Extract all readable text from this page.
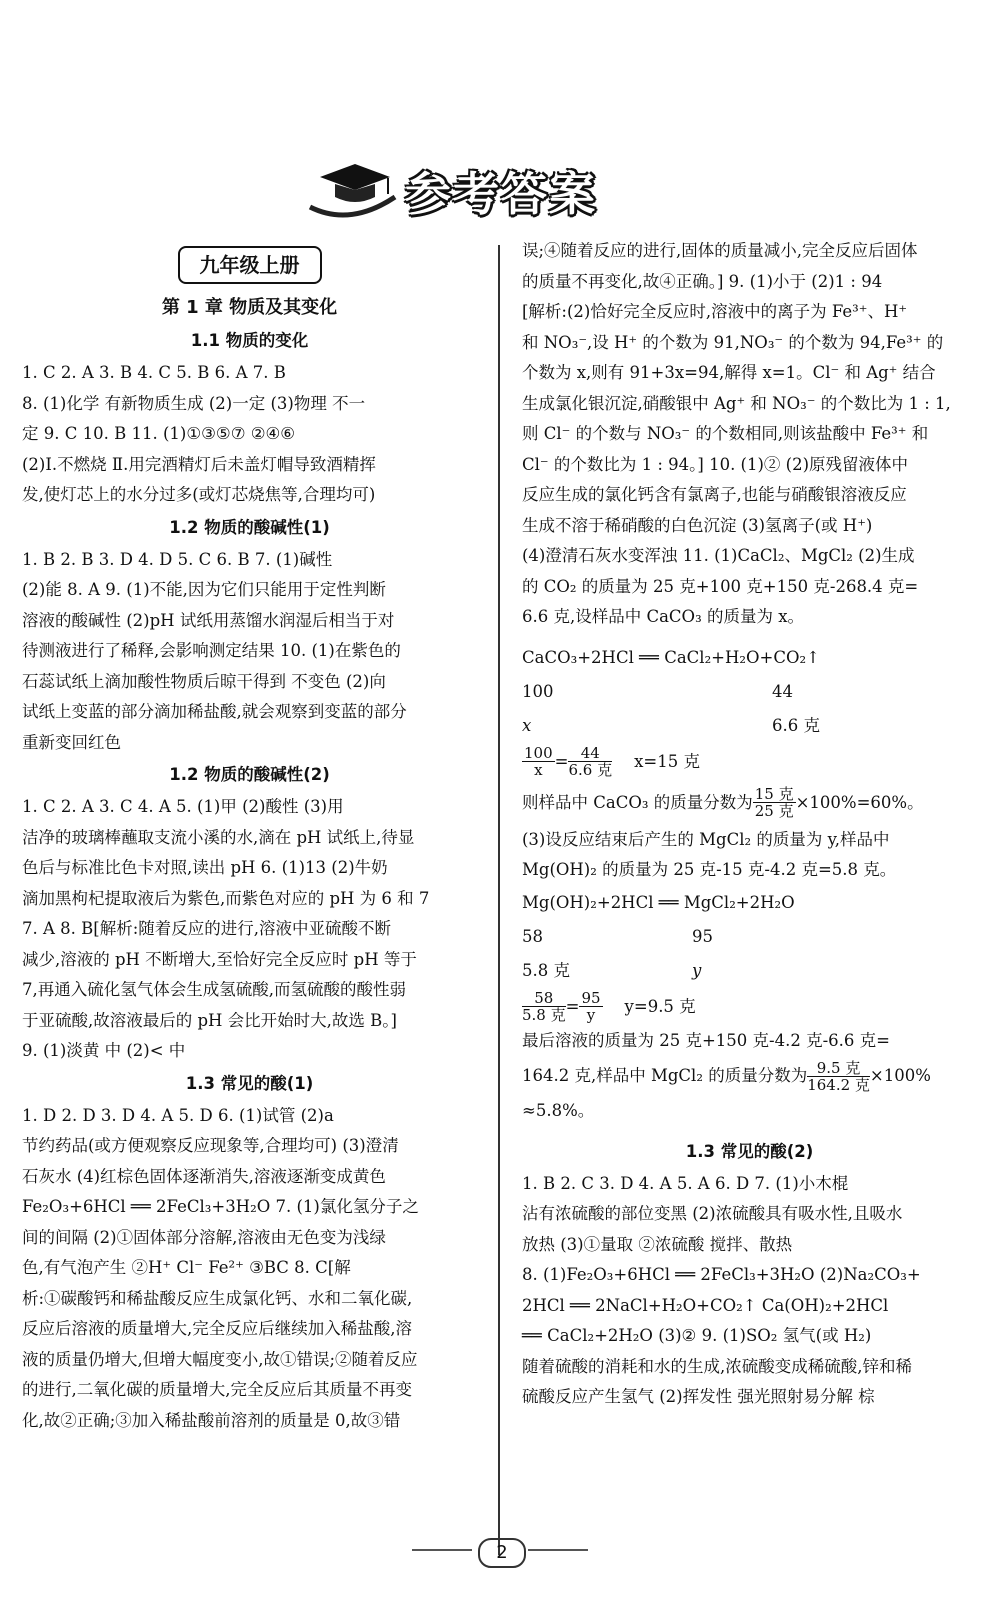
参考答案
九年级上册
第 1 章 物质及其变化
1.1 物质的变化

1. C 2. A 3. B 4. C 5. B 6. A 7. B

8. (1)化学 有新物质生成 (2)一定 (3)物理 不一

定 9. C 10. B 11. (1)①③⑤⑦ ②④⑥

(2)Ⅰ.不燃烧 Ⅱ.用完酒精灯后未盖灯帽导致酒精挥

发,使灯芯上的水分过多(或灯芯烧焦等,合理均可)

1.2 物质的酸碱性(1)

1. B 2. B 3. D 4. D 5. C 6. B 7. (1)碱性

(2)能 8. A 9. (1)不能,因为它们只能用于定性判断

溶液的酸碱性 (2)pH 试纸用蒸馏水润湿后相当于对

待测液进行了稀释,会影响测定结果 10. (1)在紫色的

石蕊试纸上滴加酸性物质后晾干得到 不变色 (2)向

试纸上变蓝的部分滴加稀盐酸,就会观察到变蓝的部分

重新变回红色

1.2 物质的酸碱性(2)

1. C 2. A 3. C 4. A 5. (1)甲 (2)酸性 (3)用

洁净的玻璃棒蘸取支流小溪的水,滴在 pH 试纸上,待显

色后与标准比色卡对照,读出 pH 6. (1)13 (2)牛奶

滴加黑枸杞提取液后为紫色,而紫色对应的 pH 为 6 和 7

7. A 8. B[解析:随着反应的进行,溶液中亚硫酸不断

减少,溶液的 pH 不断增大,至恰好完全反应时 pH 等于

7,再通入硫化氢气体会生成氢硫酸,而氢硫酸的酸性弱

于亚硫酸,故溶液最后的 pH 会比开始时大,故选 B。]

9. (1)淡黄 中 (2)< 中

1.3 常见的酸(1)

1. D 2. D 3. D 4. A 5. D 6. (1)试管 (2)a

节约药品(或方便观察反应现象等,合理均可) (3)澄清

石灰水 (4)红棕色固体逐渐消失,溶液逐渐变成黄色

Fe₂O₃+6HCl ══ 2FeCl₃+3H₂O 7. (1)氯化氢分子之

间的间隔 (2)①固体部分溶解,溶液由无色变为浅绿

色,有气泡产生 ②H⁺ Cl⁻ Fe²⁺ ③BC 8. C[解

析:①碳酸钙和稀盐酸反应生成氯化钙、水和二氧化碳,

反应后溶液的质量增大,完全反应后继续加入稀盐酸,溶

液的质量仍增大,但增大幅度变小,故①错误;②随着反应

的进行,二氧化碳的质量增大,完全反应后其质量不再变

化,故②正确;③加入稀盐酸前溶剂的质量是 0,故③错

误;④随着反应的进行,固体的质量减小,完全反应后固体

的质量不再变化,故④正确。] 9. (1)小于 (2)1 : 94

[解析:(2)恰好完全反应时,溶液中的离子为 Fe³⁺、H⁺

和 NO₃⁻,设 H⁺ 的个数为 91,NO₃⁻ 的个数为 94,Fe³⁺ 的

个数为 x,则有 91+3x=94,解得 x=1。Cl⁻ 和 Ag⁺ 结合

生成氯化银沉淀,硝酸银中 Ag⁺ 和 NO₃⁻ 的个数比为 1 : 1,

则 Cl⁻ 的个数与 NO₃⁻ 的个数相同,则该盐酸中 Fe³⁺ 和

Cl⁻ 的个数比为 1 : 94。] 10. (1)② (2)原残留液体中

反应生成的氯化钙含有氯离子,也能与硝酸银溶液反应

生成不溶于稀硝酸的白色沉淀 (3)氢离子(或 H⁺)

(4)澄清石灰水变浑浊 11. (1)CaCl₂、MgCl₂ (2)生成

的 CO₂ 的质量为 25 克+100 克+150 克-268.4 克=

6.6 克,设样品中 CaCO₃ 的质量为 x。

CaCO₃+2HCl ══ CaCl₂+H₂O+CO₂↑
100	44
x	6.6 克
$\frac{100}{x} = \frac{44}{\text{6.6 克}} x=15$ 克
则样品中 CaCO₃ 的质量分数为 $\frac{\text{15 克}}{\text{25 克}} \times 100\%=60\%$。

(3)设反应结束后产生的 MgCl₂ 的质量为 y,样品中

Mg(OH)₂ 的质量为 25 克-15 克-4.2 克=5.8 克。

Mg(OH)₂+2HCl ══ MgCl₂+2H₂O
58	95
5.8 克	y
$\frac{58}{\text{5.8 克}} = \frac{95}{y} y=9.5$ 克

最后溶液的质量为 25 克+150 克-4.2 克-6.6 克=

164.2 克,样品中 MgCl₂ 的质量分数为 $\frac{\text{9.5 克}}{\text{164.2 克}} \times 100\%$

≈5.8%。

1.3 常见的酸(2)

1. B 2. C 3. D 4. A 5. A 6. D 7. (1)小木棍

沾有浓硫酸的部位变黑 (2)浓硫酸具有吸水性,且吸水

放热 (3)①量取 ②浓硫酸 搅拌、散热

8. (1)Fe₂O₃+6HCl ══ 2FeCl₃+3H₂O (2)Na₂CO₃+

2HCl ══ 2NaCl+H₂O+CO₂↑ Ca(OH)₂+2HCl

══ CaCl₂+2H₂O (3)② 9. (1)SO₂ 氢气(或 H₂)

随着硫酸的消耗和水的生成,浓硫酸变成稀硫酸,锌和稀

硫酸反应产生氢气 (2)挥发性 强光照射易分解 棕

2
